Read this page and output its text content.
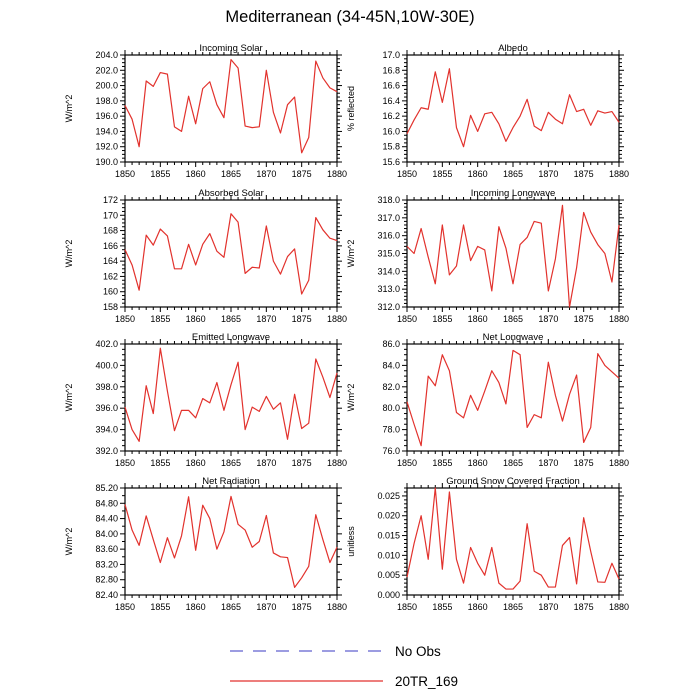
Mediterranean (34-45N,10W-30E)
1850 1855 1860 1865 1870 1875 1880
190.0
192.0
194.0
196.0
198.0
200.0
202.0
204.0
Incoming Solar
W/m^2
1850 1855 1860 1865 1870 1875 1880
15.6
15.8
16.0
16.2
16.4
16.6
16.8
17.0
Albedo
% reflected
1850 1855 1860 1865 1870 1875 1880
158
160
162
164
166
168
170
172
Absorbed Solar
W/m^2
1850 1855 1860 1865 1870 1875 1880
312.0
313.0
314.0
315.0
316.0
317.0
318.0
Incoming Longwave
W/m^2
1850 1855 1860 1865 1870 1875 1880
392.0
394.0
396.0
398.0
400.0
402.0
Emitted Longwave
W/m^2
1850 1855 1860 1865 1870 1875 1880
76.0
78.0
80.0
82.0
84.0
86.0
Net Longwave
W/m^2
1850 1855 1860 1865 1870 1875 1880
82.40
82.80
83.20
83.60
84.00
84.40
84.80
85.20
Net Radiation
W/m^2
1850 1855 1860 1865 1870 1875 1880
0.000
0.005
0.010
0.015
0.020
0.025
Ground Snow Covered Fraction
unitless
No Obs
20TR_169
